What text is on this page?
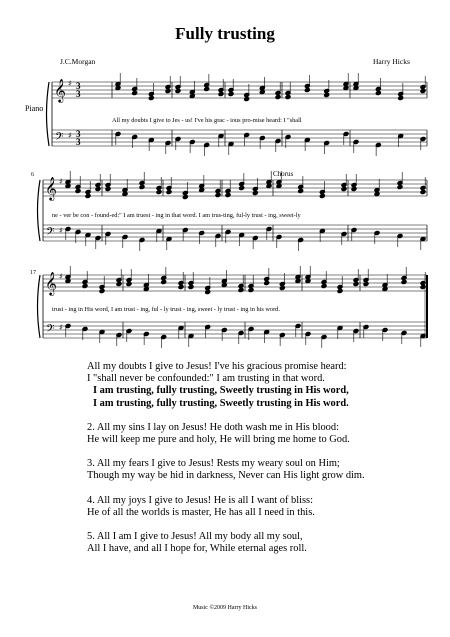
Fully trusting
J.C.Morgan	Harry Hicks
Piano
6
17
Chorus
𝄞
𝄢
♯
♯
3
3
3
3
𝄞
𝄢
♯
♯
𝄞
𝄢
♯
♯
All my doubts I give to Jes - us! I've his grac - ious pro-mise heard: I "shall
ne - ver be con - found-ed:" I am truest - ing in that word. I am trus-ting, ful-ly trust - ing, sweet-ly
trust - ing in His word, I am trust - ing, ful - ly trust - ing, sweet - ly trust - ing in his word.
All my doubts I give to Jesus! I've his gracious promise heard:
I "shall never be confounded:" I am trusting in that word.
I am trusting, fully trusting, Sweetly trusting in His word,
I am trusting, fully trusting, Sweetly trusting in His word.
2. All my sins I lay on Jesus! He doth wash me in His blood:
He will keep me pure and holy, He will bring me home to God.
3. All my fears I give to Jesus! Rests my weary soul on Him;
Though my way be hid in darkness, Never can His light grow dim.
4. All my joys I give to Jesus! He is all I want of bliss:
He of all the worlds is master, He has all I need in this.
5. All I am I give to Jesus! All my body all my soul,
All I have, and all I hope for, While eternal ages roll.
Music ©2009 Harry Hicks
